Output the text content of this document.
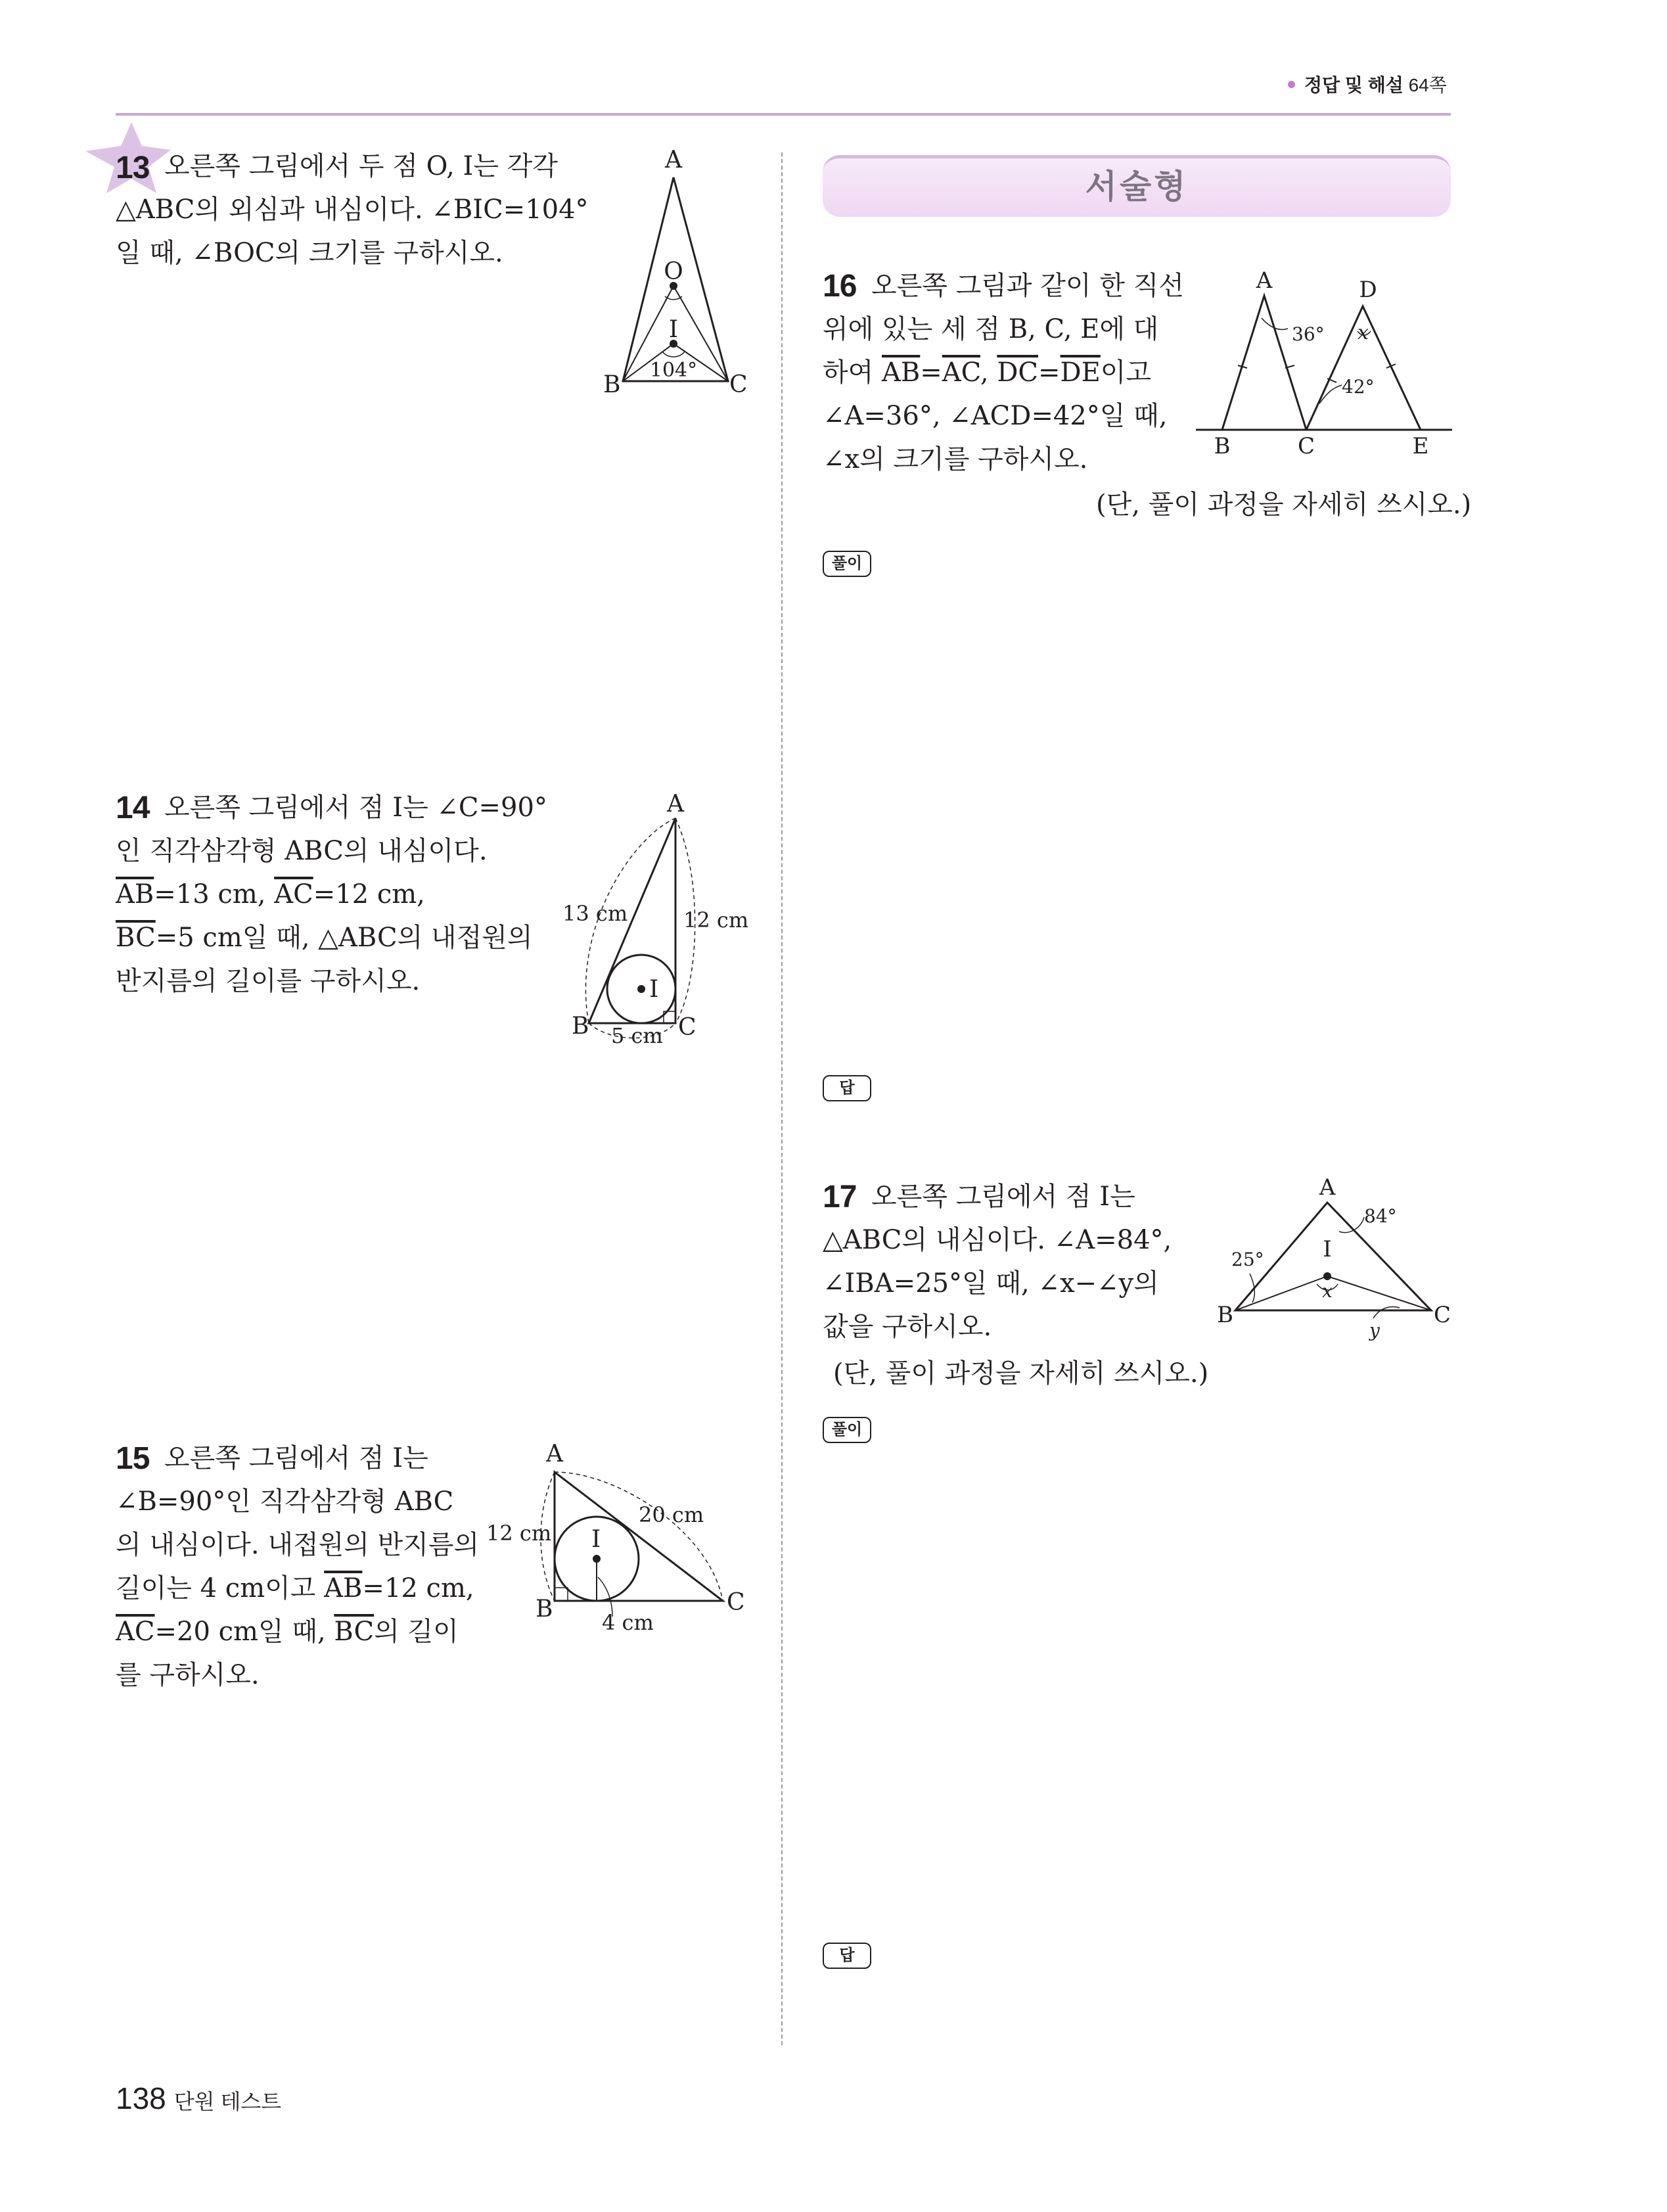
정답 및 해설 64쪽
13 오른쪽 그림에서 두 점 O, I는 각각

△ABC의 외심과 내심이다. ∠BIC=104°

일 때, ∠BOC의 크기를 구하시오.

A
O
I
104°
B	C
14 오른쪽 그림에서 점 I는 ∠C=90°

인 직각삼각형 ABC의 내심이다.

$\overline{AB}=13$ cm, $\overline{AC}=12$ cm,

$\overline{BC}=5$ cm일 때, △ABC의 내접원의

반지름의 길이를 구하시오.

A
I
B	C
13 cm	12 cm
5 cm
15 오른쪽 그림에서 점 I는

∠B=90°인 직각삼각형 ABC

의 내심이다. 내접원의 반지름의

길이는 4 cm이고 $\overline{AB}=12$ cm,

$\overline{AC}=20$ cm일 때, $\overline{BC}$의 길이

를 구하시오.

A
I
B	C
12 cm
20 cm
4 cm
서술형
16 오른쪽 그림과 같이 한 직선

위에 있는 세 점 B, C, E에 대

하여 $\overline{AB}=\overline{AC}$, $\overline{DC}=\overline{DE}$이고

∠A=36°, ∠ACD=42°일 때,

∠x의 크기를 구하시오.

(단, 풀이 과정을 자세히 쓰시오.)
A	D
B	C	E
36°
42°
x
풀이
답
17 오른쪽 그림에서 점 I는

△ABC의 내심이다. ∠A=84°,

∠IBA=25°일 때, ∠x−∠y의

값을 구하시오.

(단, 풀이 과정을 자세히 쓰시오.)
A
I
B	C
84°
25°
x
y
풀이
답
138 단원 테스트
